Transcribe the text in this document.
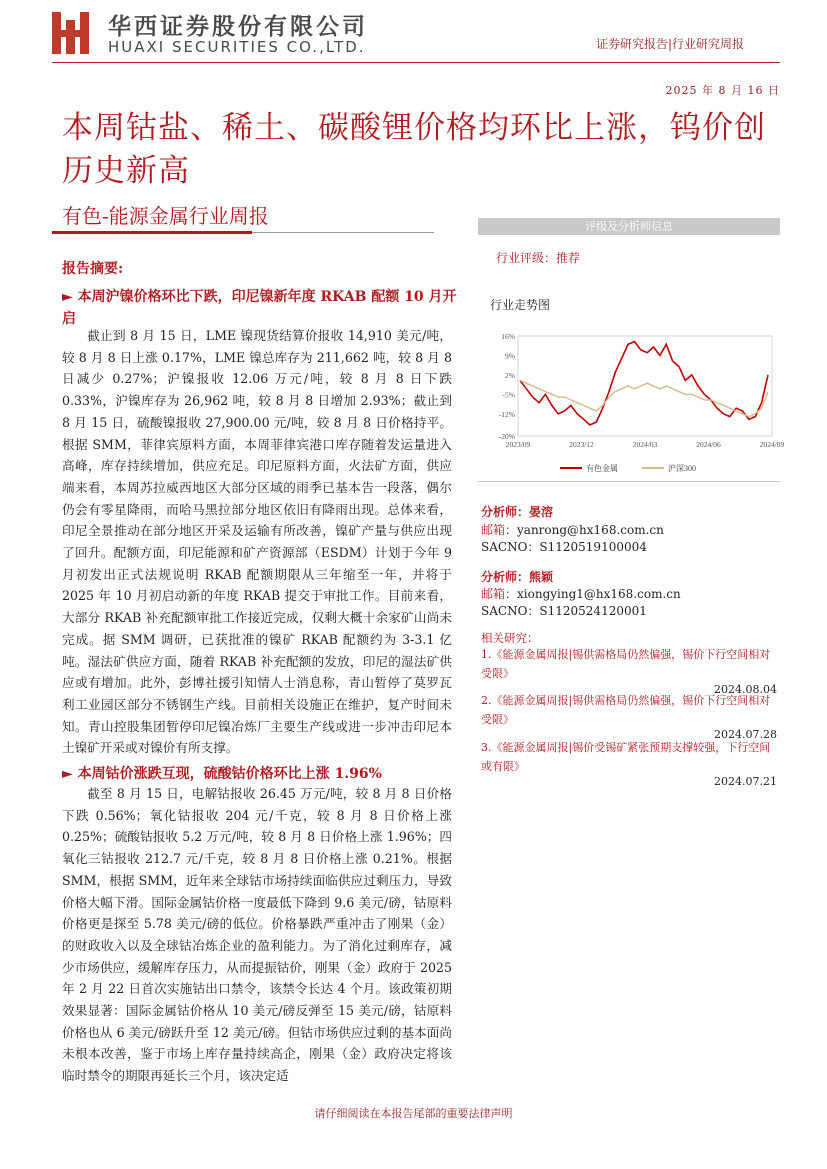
华西证券股份有限公司
HUAXI SECURITIES CO.,LTD.	证券研究报告|行业研究周报
2025 年 8 月 16 日
本周钴盐、稀土、碳酸锂价格均环比上涨，钨价创历史新高
有色-能源金属行业周报
报告摘要:
► 本周沪镍价格环比下跌，印尼镍新年度 RKAB 配额 10 月开启
截止到 8 月 15 日，LME 镍现货结算价报收 14,910 美元/吨，较 8 月 8 日上涨 0.17%，LME 镍总库存为 211,662 吨，较 8 月 8 日减少 0.27%；沪镍报收 12.06 万元/吨，较 8 月 8 日下跌 0.33%，沪镍库存为 26,962 吨，较 8 月 8 日增加 2.93%；截止到 8 月 15 日，硫酸镍报收 27,900.00 元/吨，较 8 月 8 日价格持平。根据 SMM，菲律宾原料方面，本周菲律宾港口库存随着发运量进入高峰，库存持续增加，供应充足。印尼原料方面，火法矿方面，供应端来看，本周苏拉威西地区大部分区域的雨季已基本告一段落，偶尔仍会有零星降雨，而哈马黑拉部分地区依旧有降雨出现。总体来看，印尼全景推动在部分地区开采及运输有所改善，镍矿产量与供应出现了回升。配额方面，印尼能源和矿产资源部（ESDM）计划于今年 9 月初发出正式法规说明 RKAB 配额期限从三年缩至一年，并将于 2025 年 10 月初启动新的年度 RKAB 提交于审批工作。目前来看，大部分 RKAB 补充配额审批工作接近完成，仅剩大概十余家矿山尚未完成。据 SMM 调研，已获批准的镍矿 RKAB 配额约为 3-3.1 亿吨。湿法矿供应方面，随着 RKAB 补充配额的发放，印尼的湿法矿供应或有增加。此外，彭博社援引知情人士消息称，青山暂停了莫罗瓦利工业园区部分不锈钢生产线。目前相关设施正在维护，复产时间未知。青山控股集团暂停印尼镍冶炼厂主要生产线或进一步冲击印尼本土镍矿开采或对镍价有所支撑。
► 本周钴价涨跌互现，硫酸钴价格环比上涨 1.96%
截至 8 月 15 日，电解钴报收 26.45 万元/吨，较 8 月 8 日价格下跌 0.56%；氧化钴报收 204 元/千克，较 8 月 8 日价格上涨 0.25%；硫酸钴报收 5.2 万元/吨，较 8 月 8 日价格上涨 1.96%；四氧化三钴报收 212.7 元/千克，较 8 月 8 日价格上涨 0.21%。根据 SMM，根据 SMM，近年来全球钴市场持续面临供应过剩压力，导致价格大幅下滑。国际金属钴价格一度最低下降到 9.6 美元/磅，钴原料价格更是探至 5.78 美元/磅的低位。价格暴跌严重冲击了刚果（金）的财政收入以及全球钴冶炼企业的盈利能力。为了消化过剩库存，减少市场供应，缓解库存压力，从而提振钴价，刚果（金）政府于 2025 年 2 月 22 日首次实施钴出口禁令，该禁令长达 4 个月。该政策初期效果显著：国际金属钴价格从 10 美元/磅反弹至 15 美元/磅，钴原料价格也从 6 美元/磅跃升至 12 美元/磅。但钴市场供应过剩的基本面尚未根本改善，鉴于市场上库存量持续高企，刚果（金）政府决定将该临时禁令的期限再延长三个月，该决定适
评级及分析师信息
行业评级：推荐
行业走势图
16%
9%
2%
-5%
-12%
-20%
2023/09	2023/12	2024/03	2024/06	2024/09
有色金属	沪深300
分析师：晏溶
邮箱：yanrong@hx168.com.cn
SACNO：S1120519100004
分析师：熊颖
邮箱：xiongying1@hx168.com.cn
SACNO：S1120524120001
相关研究：
1.《能源金属周报|锡供需格局仍然偏强，锡价下行空间相对受限》
2024.08.04
2.《能源金属周报|锡供需格局仍然偏强，锡价下行空间相对受限》
2024.07.28
3.《能源金属周报|锡价受锡矿紧张预期支撑较强，下行空间或有限》
2024.07.21
请仔细阅读在本报告尾部的重要法律声明
